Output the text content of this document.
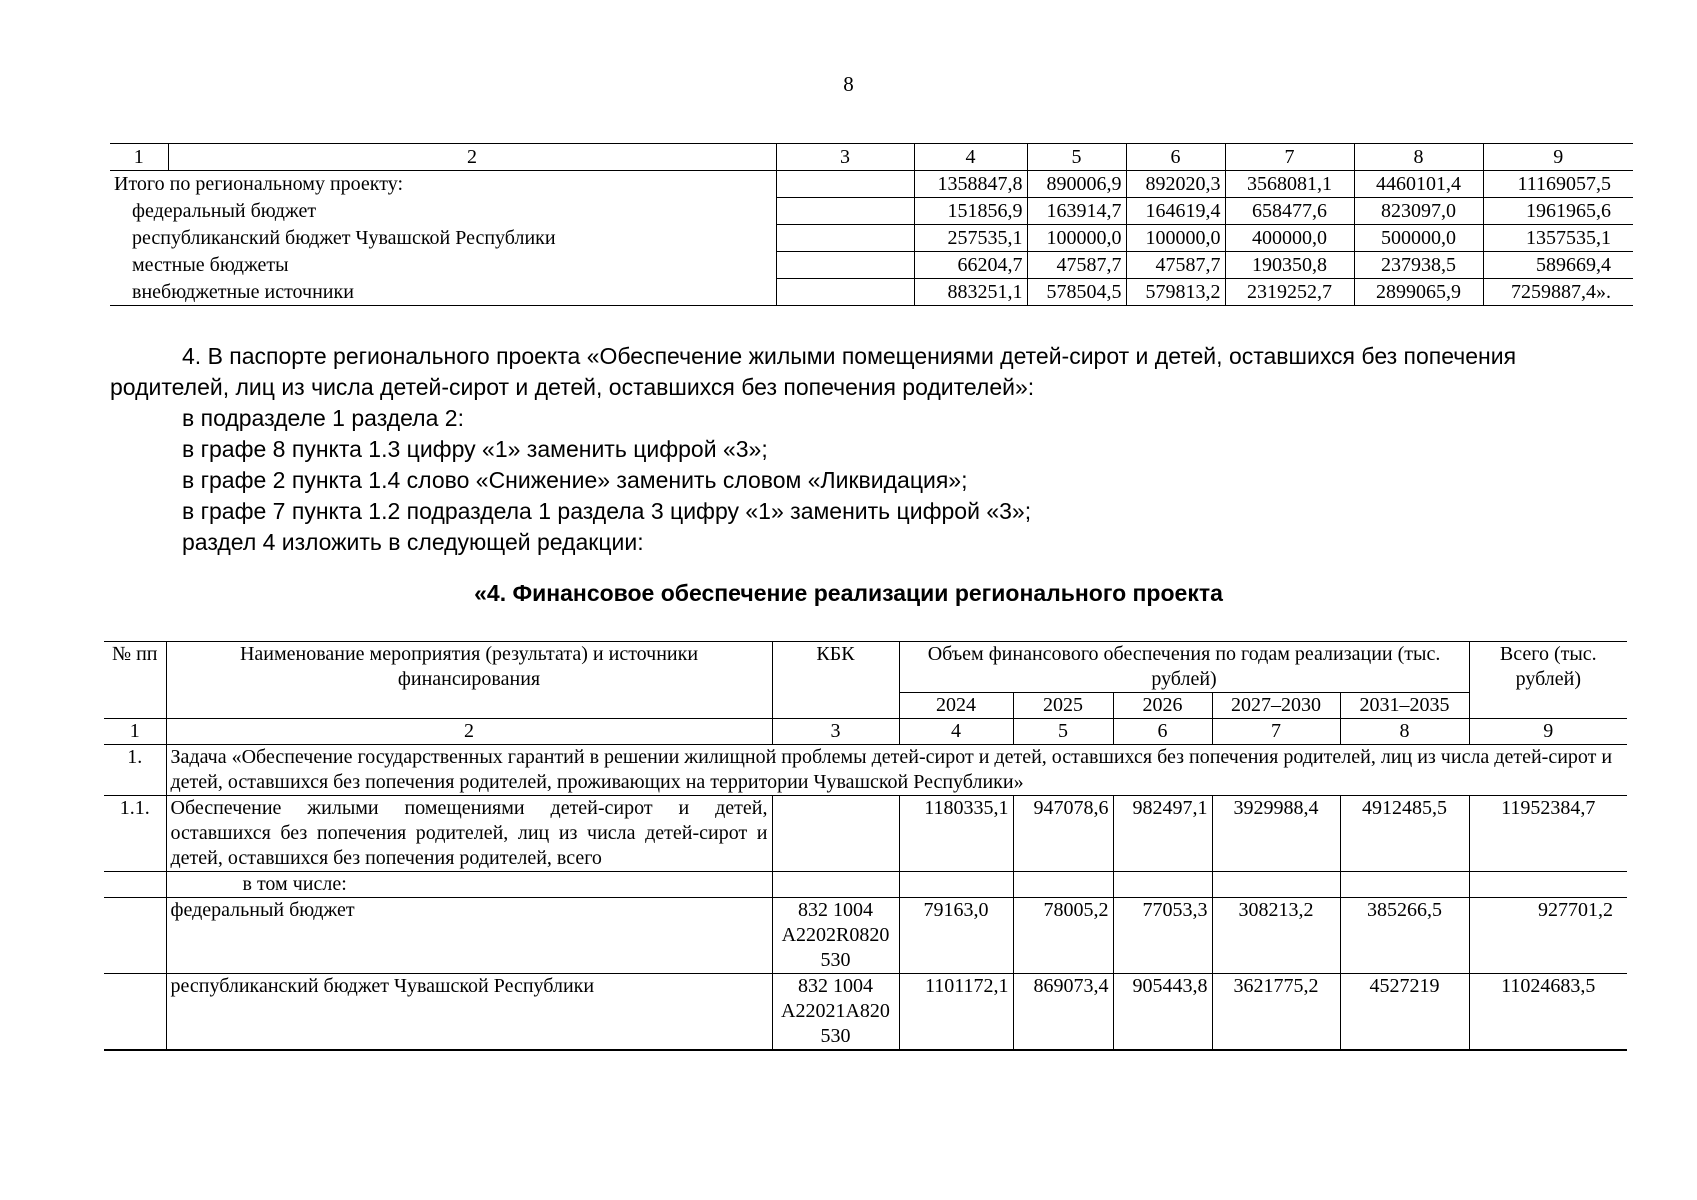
8
1	2	3	4	5	6	7	8	9
Итого по региональному проекту:			1358847,8	890006,9	892020,3	3568081,1	4460101,4	11169057,5
федеральный бюджет			151856,9	163914,7	164619,4	658477,6	823097,0	1961965,6
республиканский бюджет Чувашской Республики			257535,1	100000,0	100000,0	400000,0	500000,0	1357535,1
местные бюджеты			66204,7	47587,7	47587,7	190350,8	237938,5	589669,4
внебюджетные источники			883251,1	578504,5	579813,2	2319252,7	2899065,9	7259887,4».
4. В паспорте регионального проекта «Обеспечение жилыми помещениями детей-сирот и детей, оставшихся без попечения родителей, лиц из числа детей-сирот и детей, оставшихся без попечения родителей»:
в подразделе 1 раздела 2:
в графе 8 пункта 1.3 цифру «1» заменить цифрой «3»;
в графе 2 пункта 1.4 слово «Снижение» заменить словом «Ликвидация»;
в графе 7 пункта 1.2 подраздела 1 раздела 3 цифру «1» заменить цифрой «3»;
раздел 4 изложить в следующей редакции:
«4. Финансовое обеспечение реализации регионального проекта
№ пп	Наименование мероприятия (результата) и источники финансирования	КБК	Объем финансового обеспечения по годам реализации (тыс. рублей)					Всего (тыс. рублей)
			2024	2025	2026	2027–2030	2031–2035	
1	2	3	4	5	6	7	8	9
1.	Задача «Обеспечение государственных гарантий в решении жилищной проблемы детей-сирот и детей, оставшихся без попечения родителей, лиц из числа детей-сирот и детей, оставшихся без попечения родителей, проживающих на территории Чувашской Республики»							
1.1.	Обеспечение жилыми помещениями детей-сирот и детей, оставшихся без попечения родителей, лиц из числа детей-сирот и детей, оставшихся без попечения родителей, всего		1180335,1	947078,6	982497,1	3929988,4	4912485,5	11952384,7
	в том числе:							
	федеральный бюджет	832 1004
А2202R0820
530	79163,0	78005,2	77053,3	308213,2	385266,5	927701,2
	республиканский бюджет Чувашской Республики	832 1004
А22021А820
530	1101172,1	869073,4	905443,8	3621775,2	4527219	11024683,5
